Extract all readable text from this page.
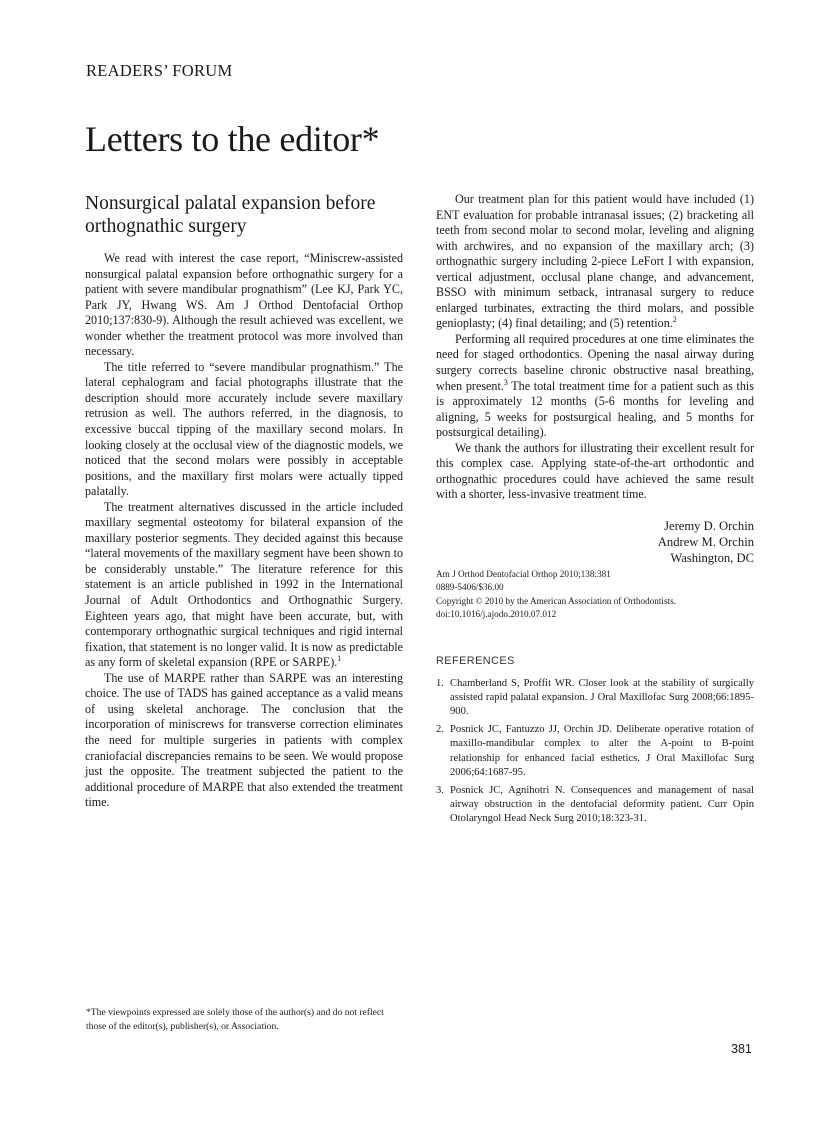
READERS’ FORUM
Letters to the editor*
Nonsurgical palatal expansion before orthognathic surgery

We read with interest the case report, “Miniscrew-assisted nonsurgical palatal expansion before orthognathic surgery for a patient with severe mandibular prognathism” (Lee KJ, Park YC, Park JY, Hwang WS. Am J Orthod Dentofacial Orthop 2010;137:830-9). Although the result achieved was excellent, we wonder whether the treatment protocol was more involved than necessary.

The title referred to “severe mandibular prognathism.” The lateral cephalogram and facial photographs illustrate that the description should more accurately include severe maxillary retrusion as well. The authors referred, in the diagnosis, to excessive buccal tipping of the maxillary second molars. In looking closely at the occlusal view of the diagnostic models, we noticed that the second molars were possibly in acceptable positions, and the maxillary first molars were actually tipped palatally.

The treatment alternatives discussed in the article included maxillary segmental osteotomy for bilateral expansion of the maxillary posterior segments. They decided against this because “lateral movements of the maxillary segment have been shown to be considerably unstable.” The literature reference for this statement is an article published in 1992 in the International Journal of Adult Orthodontics and Orthognathic Surgery. Eighteen years ago, that might have been accurate, but, with contemporary orthognathic surgical techniques and rigid internal fixation, that statement is no longer valid. It is now as predictable as any form of skeletal expansion (RPE or SARPE).$^1$

The use of MARPE rather than SARPE was an interesting choice. The use of TADS has gained acceptance as a valid means of using skeletal anchorage. The conclusion that the incorporation of miniscrews for transverse correction eliminates the need for multiple surgeries in patients with complex craniofacial discrepancies remains to be seen. We would propose just the opposite. The treatment subjected the patient to the additional procedure of MARPE that also extended the treatment time.

Our treatment plan for this patient would have included (1) ENT evaluation for probable intranasal issues; (2) bracketing all teeth from second molar to second molar, leveling and aligning with archwires, and no expansion of the maxillary arch; (3) orthognathic surgery including 2-piece LeFort I with expansion, vertical adjustment, occlusal plane change, and advancement, BSSO with minimum setback, intranasal surgery to reduce enlarged turbinates, extracting the third molars, and possible genioplasty; (4) final detailing; and (5) retention.$^2$

Performing all required procedures at one time eliminates the need for staged orthodontics. Opening the nasal airway during surgery corrects baseline chronic obstructive nasal breathing, when present.$^3$ The total treatment time for a patient such as this is approximately 12 months (5-6 months for leveling and aligning, 5 weeks for postsurgical healing, and 5 months for postsurgical detailing).

We thank the authors for illustrating their excellent result for this complex case. Applying state-of-the-art orthodontic and orthognathic procedures could have achieved the same result with a shorter, less-invasive treatment time.

Jeremy D. Orchin
Andrew M. Orchin
Washington, DC
Am J Orthod Dentofacial Orthop 2010;138:381
0889-5406/$36.00
Copyright © 2010 by the American Association of Orthodontists.
doi:10.1016/j.ajodo.2010.07.012
REFERENCES
1. Chamberland S, Proffit WR. Closer look at the stability of surgically assisted rapid palatal expansion. J Oral Maxillofac Surg 2008;66:1895-900.
2. Posnick JC, Fantuzzo JJ, Orchin JD. Deliberate operative rotation of maxillo-mandibular complex to alter the A-point to B-point relationship for enhanced facial esthetics. J Oral Maxillofac Surg 2006;64:1687-95.
3. Posnick JC, Agnihotri N. Consequences and management of nasal airway obstruction in the dentofacial deformity patient. Curr Opin Otolaryngol Head Neck Surg 2010;18:323-31.
*The viewpoints expressed are solely those of the author(s) and do not reflect those of the editor(s), publisher(s), or Association.
381
